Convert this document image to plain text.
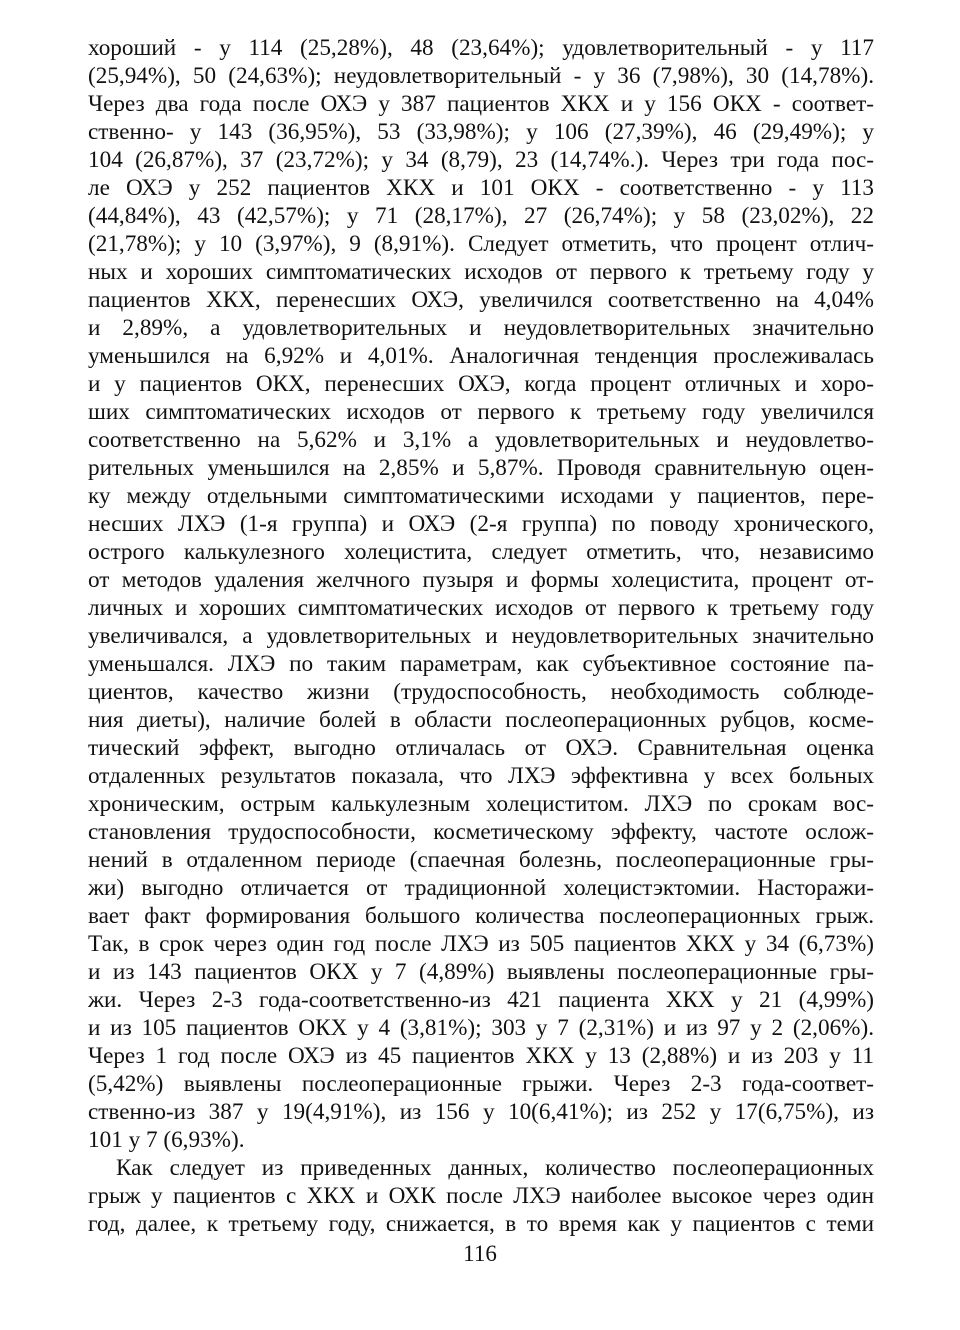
хороший - у 114 (25,28%), 48 (23,64%); удовлетворительный - у 117
(25,94%), 50 (24,63%); неудовлетворительный - у 36 (7,98%), 30 (14,78%).
Через два года после ОХЭ у 387 пациентов ХКХ и у 156 ОКХ - соответ-
ственно- у 143 (36,95%), 53 (33,98%); у 106 (27,39%), 46 (29,49%); у
104 (26,87%), 37 (23,72%); у 34 (8,79), 23 (14,74%.). Через три года пос-
ле ОХЭ у 252 пациентов ХКХ и 101 ОКХ - соответственно - у 113
(44,84%), 43 (42,57%); у 71 (28,17%), 27 (26,74%); у 58 (23,02%), 22
(21,78%); у 10 (3,97%), 9 (8,91%). Следует отметить, что процент отлич-
ных и хороших симптоматических исходов от первого к третьему году у
пациентов ХКХ, перенесших ОХЭ, увеличился соответственно на 4,04%
и 2,89%, а удовлетворительных и неудовлетворительных значительно
уменьшился на 6,92% и 4,01%. Аналогичная тенденция прослеживалась
и у пациентов ОКХ, перенесших ОХЭ, когда процент отличных и хоро-
ших симптоматических исходов от первого к третьему году увеличился
соответственно на 5,62% и 3,1% а удовлетворительных и неудовлетво-
рительных уменьшился на 2,85% и 5,87%. Проводя сравнительную оцен-
ку между отдельными симптоматическими исходами у пациентов, пере-
несших ЛХЭ (1-я группа) и ОХЭ (2-я группа) по поводу хронического,
острого калькулезного холецистита, следует отметить, что, независимо
от методов удаления желчного пузыря и формы холецистита, процент от-
личных и хороших симптоматических исходов от первого к третьему году
увеличивался, а удовлетворительных и неудовлетворительных значительно
уменьшался. ЛХЭ по таким параметрам, как субъективное состояние па-
циентов, качество жизни (трудоспособность, необходимость соблюде-
ния диеты), наличие болей в области послеоперационных рубцов, косме-
тический эффект, выгодно отличалась от ОХЭ. Сравнительная оценка
отдаленных результатов показала, что ЛХЭ эффективна у всех больных
хроническим, острым калькулезным холециститом. ЛХЭ по срокам вос-
становления трудоспособности, косметическому эффекту, частоте ослож-
нений в отдаленном периоде (спаечная болезнь, послеоперационные гры-
жи) выгодно отличается от традиционной холецистэктомии. Насторажи-
вает факт формирования большого количества послеоперационных грыж.
Так, в срок через один год после ЛХЭ из 505 пациентов ХКХ у 34 (6,73%)
и из 143 пациентов ОКХ у 7 (4,89%) выявлены послеоперационные гры-
жи. Через 2-3 года-соответственно-из 421 пациента ХКХ у 21 (4,99%)
и из 105 пациентов ОКХ у 4 (3,81%); 303 у 7 (2,31%) и из 97 у 2 (2,06%).
Через 1 год после ОХЭ из 45 пациентов ХКХ у 13 (2,88%) и из 203 у 11
(5,42%) выявлены послеоперационные грыжи. Через 2-3 года-соответ-
ственно-из 387 у 19(4,91%), из 156 у 10(6,41%); из 252 у 17(6,75%), из
101 у 7 (6,93%).
Как следует из приведенных данных, количество послеоперационных
грыж у пациентов с ХКХ и ОХК после ЛХЭ наиболее высокое через один
год, далее, к третьему году, снижается, в то время как у пациентов с теми
116
